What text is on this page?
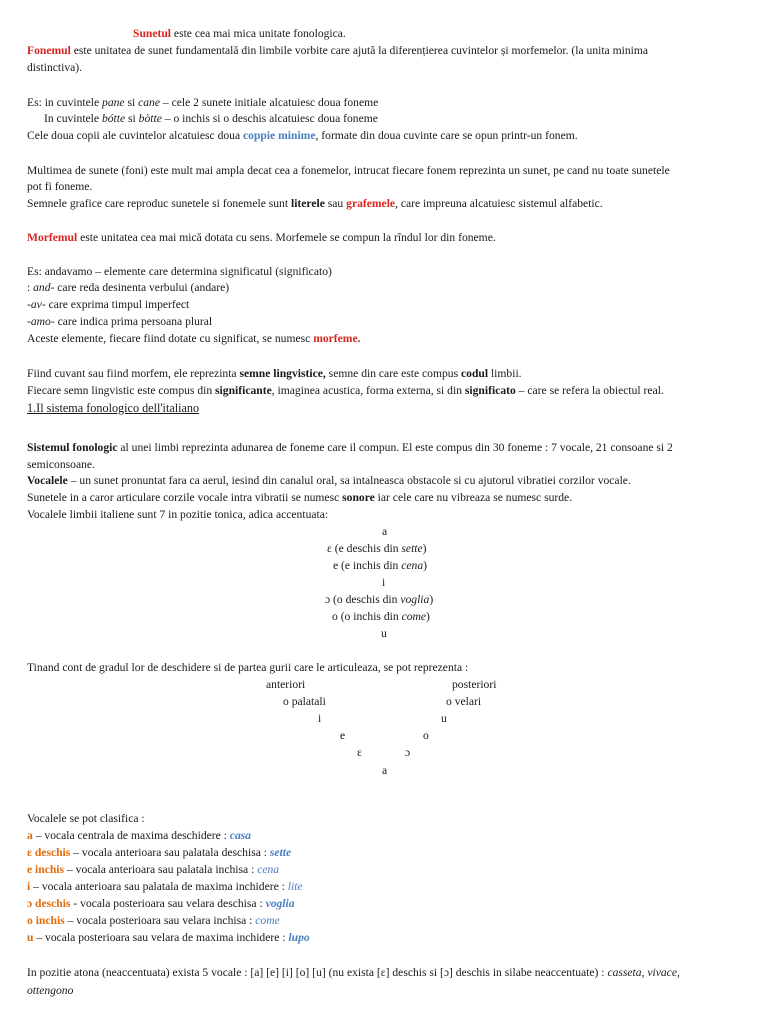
Sunetul este cea mai mica unitate fonologica.
Fonemul este unitatea de sunet fundamentală din limbile vorbite care ajută la diferențierea cuvintelor și morfemelor. (la unita minima
distinctiva).
Es: in cuvintele pane si cane – cele 2 sunete initiale alcatuiesc doua foneme
In cuvintele bótte si bòtte – o inchis si o deschis alcatuiesc doua foneme
Cele doua copii ale cuvintelor alcatuiesc doua coppie minime, formate din doua cuvinte care se opun printr-un fonem.
Multimea de sunete (foni) este mult mai ampla decat cea a fonemelor, intrucat fiecare fonem reprezinta un sunet, pe cand nu toate sunetele
pot fi foneme.
Semnele grafice care reproduc sunetele si fonemele sunt literele sau grafemele, care impreuna alcatuiesc sistemul alfabetic.
Morfemul este unitatea cea mai mică dotata cu sens. Morfemele se compun la rîndul lor din foneme.
Es: andavamo – elemente care determina significatul (significato)
: and- care reda desinenta verbului (andare)
-av- care exprima timpul imperfect
-amo- care indica prima persoana plural
Aceste elemente, fiecare fiind dotate cu significat, se numesc morfeme.
Fiind cuvant sau fiind morfem, ele reprezinta semne lingvistice, semne din care este compus codul limbii.
Fiecare semn lingvistic este compus din significante, imaginea acustica, forma externa, si din significato – care se refera la obiectul real.
1.Il sistema fonologico dell'italiano
Sistemul fonologic al unei limbi reprezinta adunarea de foneme care il compun. El este compus din 30 foneme : 7 vocale, 21 consoane si 2
semiconsoane.
Vocalele – un sunet pronuntat fara ca aerul, iesind din canalul oral, sa intalneasca obstacole si cu ajutorul vibratiei corzilor vocale.
Sunetele in a caror articulare corzile vocale intra vibratii se numesc sonore iar cele care nu vibreaza se numesc surde.
Vocalele limbii italiene sunt 7 in pozitie tonica, adica accentuata:
a
ɛ (e deschis din sette)
e (e inchis din cena)
i
ɔ (o deschis din voglia)
o (o inchis din come)
u
Tinand cont de gradul lor de deschidere si de partea gurii care le articuleaza, se pot reprezenta :
anteriori	posteriori
o palatali	o velari
i	u
e	o
ɛ	ɔ
a
Vocalele se pot clasifica :
a – vocala centrala de maxima deschidere : casa
ɛ deschis – vocala anterioara sau palatala deschisa : sette
e inchis – vocala anterioara sau palatala inchisa : cena
i – vocala anterioara sau palatala de maxima inchidere : lite
ɔ deschis - vocala posterioara sau velara deschisa : voglia
o inchis – vocala posterioara sau velara inchisa : come
u – vocala posterioara sau velara de maxima inchidere : lupo
In pozitie atona (neaccentuata) exista 5 vocale : [a] [e] [i] [o] [u] (nu exista [ɛ] deschis si [ɔ] deschis in silabe neaccentuate) : casseta, vivace,
ottengono
